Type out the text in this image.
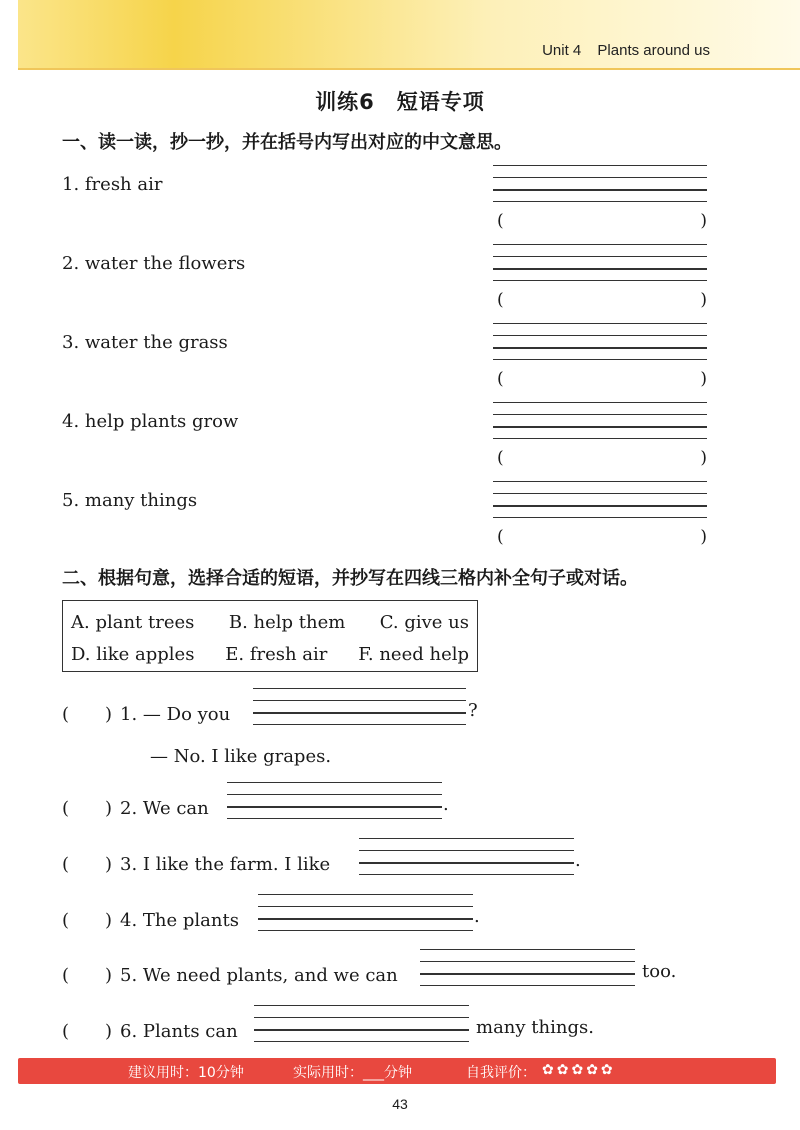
Unit 4 Plants around us
训练6　短语专项
一、读一读，抄一抄，并在括号内写出对应的中文意思。
1. fresh air
(	)
2. water the flowers
(	)
3. water the grass
(	)
4. help plants grow
(	)
5. many things
(	)
二、根据句意，选择合适的短语，并抄写在四线三格内补全句子或对话。
A. plant trees B. help them C. give us
D. like apples E. fresh air F. need help
(　　) 1. — Do you	?
— No. I like grapes.
(　　) 2. We can	.
(　　) 3. I like the farm. I like	.
(　　) 4. The plants	.
(　　) 5. We need plants, and we can	too.
(　　) 6. Plants can	many things.
建议用时：10分钟	实际用时：___分钟	自我评价： ✿✿✿✿✿
43
